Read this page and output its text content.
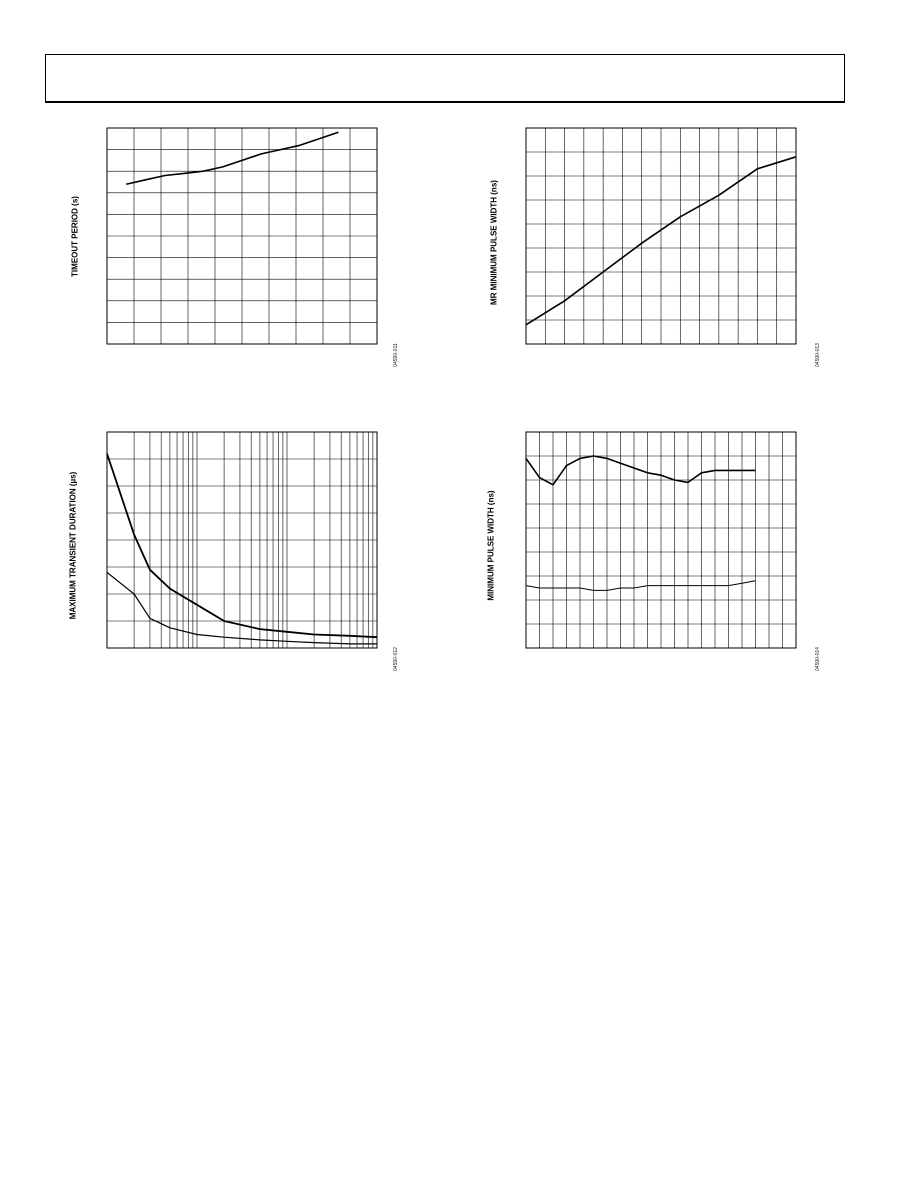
TIMEOUT PERIOD (s)
04590-011
MR MINIMUM PULSE WIDTH (ns)
04590-013
MAXIMUM TRANSIENT DURATION (µs)
04590-012
MINIMUM PULSE WIDTH (ns)
04590-014
